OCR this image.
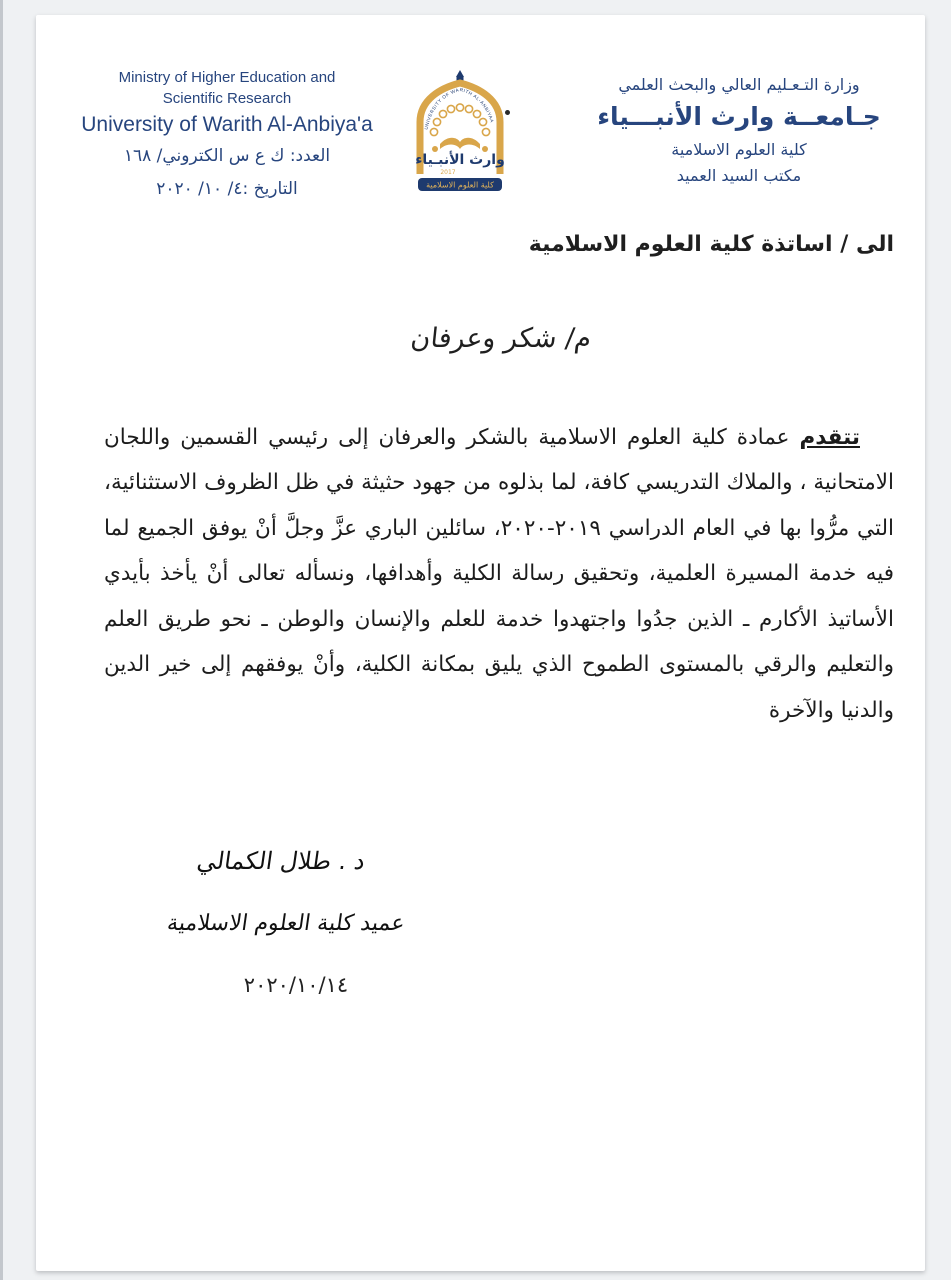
Ministry of Higher Education and
Scientific Research
University of Warith Al-Anbiya'a
العدد: ك ع س الكتروني/ ١٦٨
التاريخ :٤/ ١٠/ ٢٠٢٠
UNIVERSITY OF WARITH AL-ANBIYAA
وارث الأنبـياء
2017
كلية العلوم الاسلامية
وزارة التـعـليم العالي والبحث العلمي
جـامعــة وارث الأنبـــياء
كلية العلوم الاسلامية
مكتب السيد العميد
الى / اساتذة كلية العلوم الاسلامية
م/ شكر وعرفان

تتقدم عمادة كلية العلوم الاسلامية بالشكر والعرفان إلى رئيسي القسمين واللجان الامتحانية ، والملاك التدريسي كافة، لما بذلوه من جهود حثيثة في ظل الظروف الاستثنائية، التي مرُّوا بها في العام الدراسي ٢٠١٩-٢٠٢٠، سائلين الباري عزَّ وجلَّ أنْ يوفق الجميع لما فيه خدمة المسيرة العلمية، وتحقيق رسالة الكلية وأهدافها، ونسأله تعالى أنْ يأخذ بأيدي الأساتيذ الأكارم ـ الذين جدُوا واجتهدوا خدمة للعلم والإنسان والوطن ـ نحو طريق العلم والتعليم والرقي بالمستوى الطموح الذي يليق بمكانة الكلية، وأنْ يوفقهم إلى خير الدين والدنيا والآخرة

د . طلال الكمالي
عميد كلية العلوم الاسلامية
٢٠٢٠/١٠/١٤
